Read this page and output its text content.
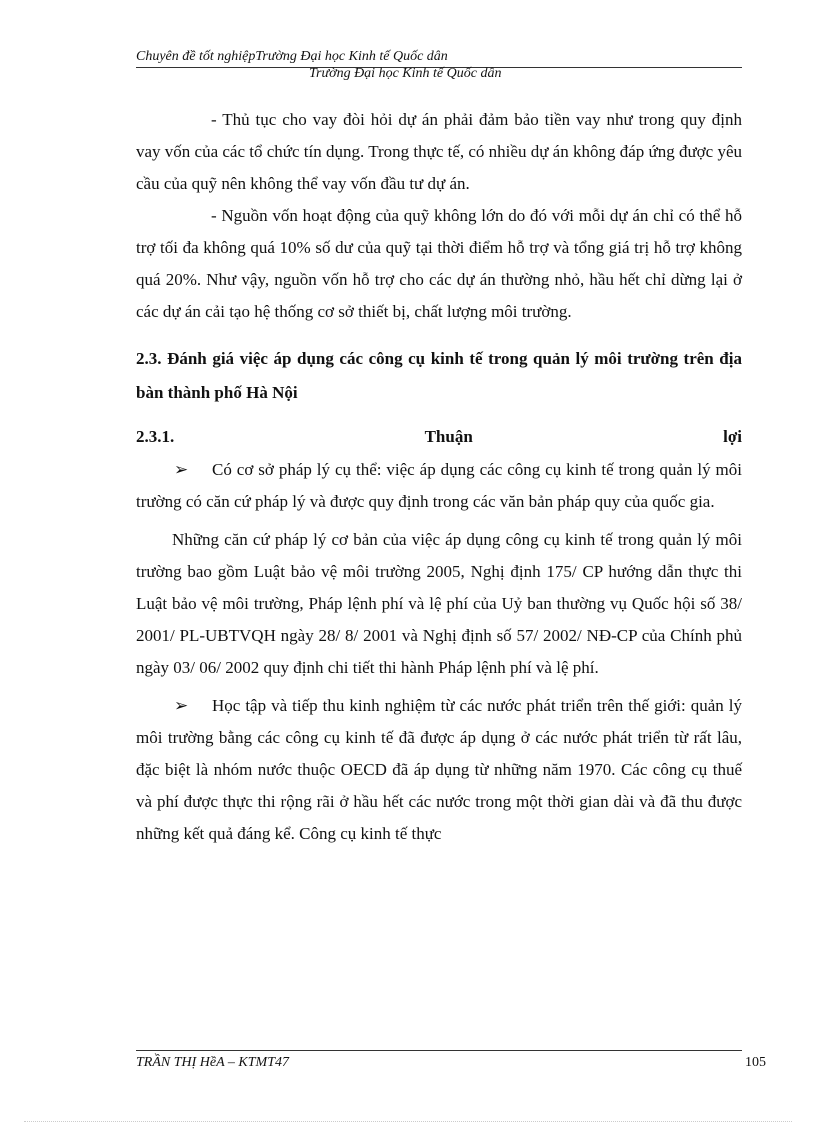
Chuyên đề tốt nghiệpTrường Đại học Kinh tế Quốc dân
Trường Đại học Kinh tế Quốc dân

- Thủ tục cho vay đòi hỏi dự án phải đảm bảo tiền vay như trong quy định vay vốn của các tổ chức tín dụng. Trong thực tế, có nhiều dự án không đáp ứng được yêu cầu của quỹ nên không thể vay vốn đầu tư dự án.

- Nguồn vốn hoạt động của quỹ không lớn do đó với mỗi dự án chỉ có thể hỗ trợ tối đa không quá 10% số dư của quỹ tại thời điểm hỗ trợ và tổng giá trị hỗ trợ không quá 20%. Như vậy, nguồn vốn hỗ trợ cho các dự án thường nhỏ, hầu hết chỉ dừng lại ở các dự án cải tạo hệ thống cơ sở thiết bị, chất lượng môi trường.

2.3. Đánh giá việc áp dụng các công cụ kinh tế trong quản lý môi trường trên địa bàn thành phố Hà Nội
2.3.1.	Thuận	lợi

➢ Có cơ sở pháp lý cụ thể: việc áp dụng các công cụ kinh tế trong quản lý môi trường có căn cứ pháp lý và được quy định trong các văn bản pháp quy của quốc gia.

Những căn cứ pháp lý cơ bản của việc áp dụng công cụ kinh tế trong quản lý môi trường bao gồm Luật bảo vệ môi trường 2005, Nghị định 175/ CP hướng dẫn thực thi Luật bảo vệ môi trường, Pháp lệnh phí và lệ phí của Uỷ ban thường vụ Quốc hội số 38/ 2001/ PL-UBTVQH ngày 28/ 8/ 2001 và Nghị định số 57/ 2002/ NĐ-CP của Chính phủ ngày 03/ 06/ 2002 quy định chi tiết thi hành Pháp lệnh phí và lệ phí.

➢ Học tập và tiếp thu kinh nghiệm từ các nước phát triển trên thế giới: quản lý môi trường bằng các công cụ kinh tế đã được áp dụng ở các nước phát triển từ rất lâu, đặc biệt là nhóm nước thuộc OECD đã áp dụng từ những năm 1970. Các công cụ thuế và phí được thực thi rộng rãi ở hầu hết các nước trong một thời gian dài và đã thu được những kết quả đáng kể. Công cụ kinh tế thực

TRẦN THỊ HềA – KTMT47	105
